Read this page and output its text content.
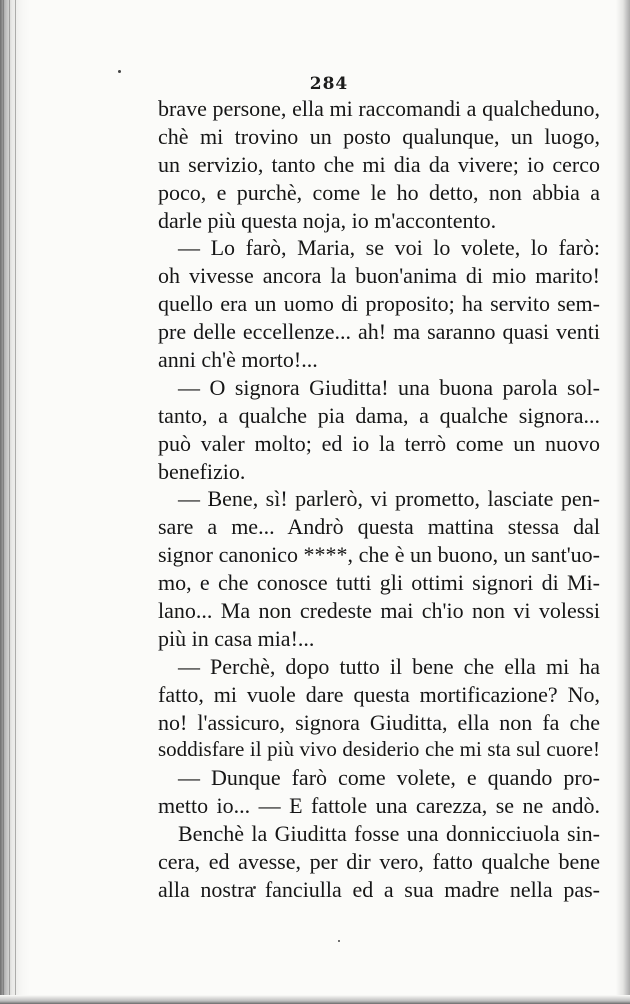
284
brave persone, ella mi raccomandi a qualcheduno,
chè mi trovino un posto qualunque, un luogo,
un servizio, tanto che mi dia da vivere; io cerco
poco, e purchè, come le ho detto, non abbia a
darle più questa noja, io m'accontento.
— Lo farò, Maria, se voi lo volete, lo farò:
oh vivesse ancora la buon'anima di mio marito!
quello era un uomo di proposito; ha servito sem-
pre delle eccellenze... ah! ma saranno quasi venti
anni ch'è morto!...
— O signora Giuditta! una buona parola sol-
tanto, a qualche pia dama, a qualche signora...
può valer molto; ed io la terrò come un nuovo
benefizio.
— Bene, sì! parlerò, vi prometto, lasciate pen-
sare a me... Andrò questa mattina stessa dal
signor canonico ****, che è un buono, un sant'uo-
mo, e che conosce tutti gli ottimi signori di Mi-
lano... Ma non credeste mai ch'io non vi volessi
più in casa mia!...
— Perchè, dopo tutto il bene che ella mi ha
fatto, mi vuole dare questa mortificazione? No,
no! l'assicuro, signora Giuditta, ella non fa che
soddisfare il più vivo desiderio che mi sta sul cuore!
— Dunque farò come volete, e quando pro-
metto io... — E fattole una carezza, se ne andò.
Benchè la Giuditta fosse una donnicciuola sin-
cera, ed avesse, per dir vero, fatto qualche bene
alla nostra fanciulla ed a sua madre nella pas-
